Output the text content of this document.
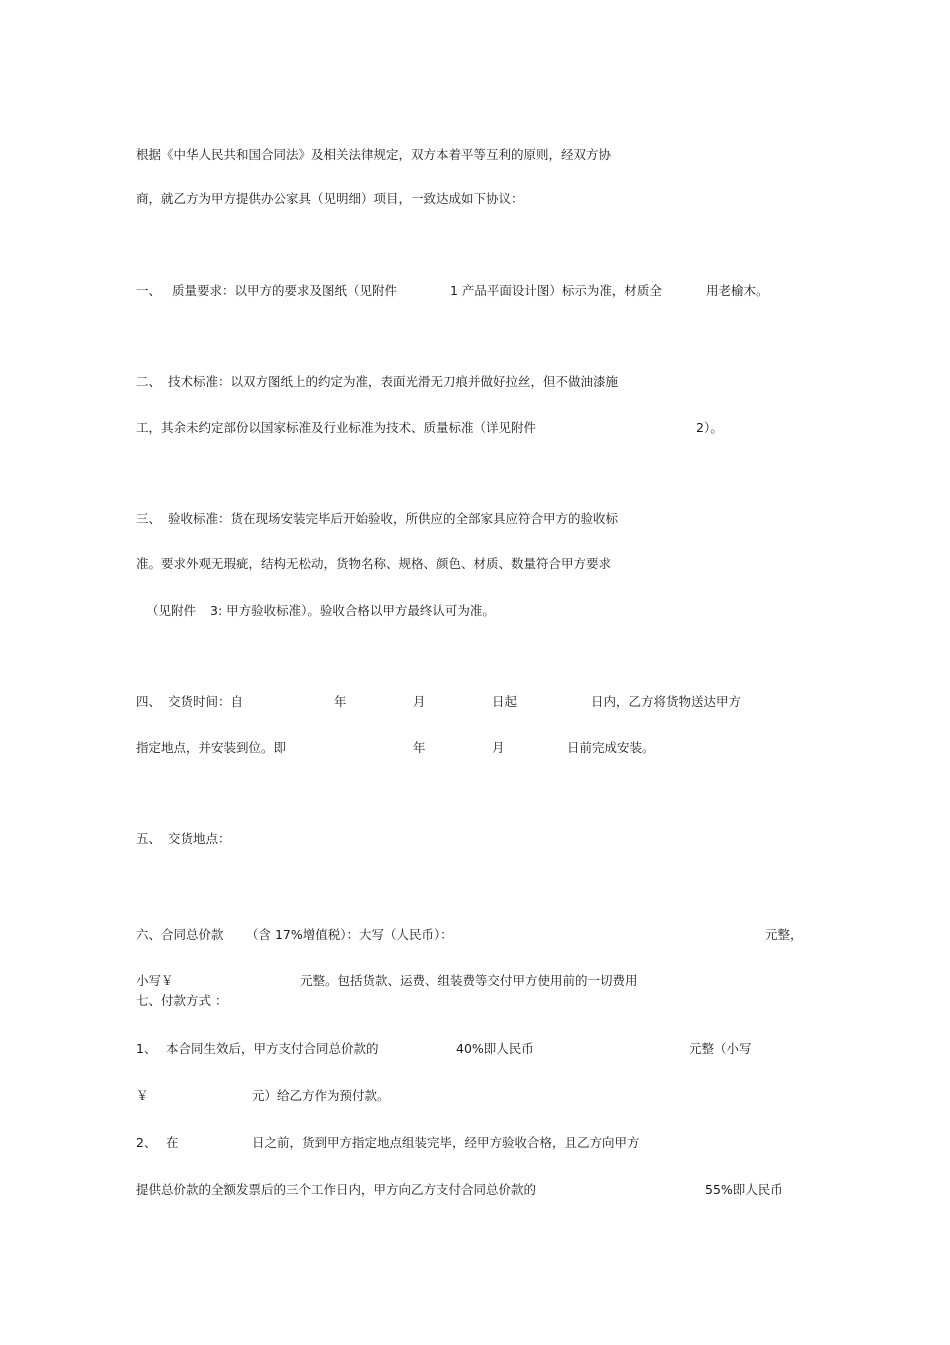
根据《中华人民共和国合同法》及相关法律规定，双方本着平等互利的原则，经双方协
商，就乙方为甲方提供办公家具（见明细）项目，一致达成如下协议：
一、 质量要求：以甲方的要求及图纸（见附件	1 产品平面设计图）标示为准，材质全	用老榆木。
二、 技术标准：以双方图纸上的约定为准，表面光滑无刀痕并做好拉丝，但不做油漆施
工，其余未约定部份以国家标准及行业标准为技术、质量标准（详见附件	2）。
三、 验收标准：货在现场安装完毕后开始验收，所供应的全部家具应符合甲方的验收标
准。要求外观无瑕疵，结构无松动，货物名称、规格、颜色、材质、数量符合甲方要求
（见附件 3: 甲方验收标准）。验收合格以甲方最终认可为准。
四、 交货时间：自	年	月	日起	日内，乙方将货物送达甲方
指定地点，并安装到位。即	年	月	日前完成安装。
五、 交货地点：
六、合同总价款 （含 17%增值税）：大写（人民币）：	元整，
小写￥	元整。包括货款、运费、组装费等交付甲方使用前的一切费用
七、付款方式 ：
1、 本合同生效后，甲方支付合同总价款的	40%即人民币	元整（小写
￥	元）给乙方作为预付款。
2、 在	日之前，货到甲方指定地点组装完毕，经甲方验收合格，且乙方向甲方
提供总价款的全额发票后的三个工作日内，甲方向乙方支付合同总价款的	55%即人民币
